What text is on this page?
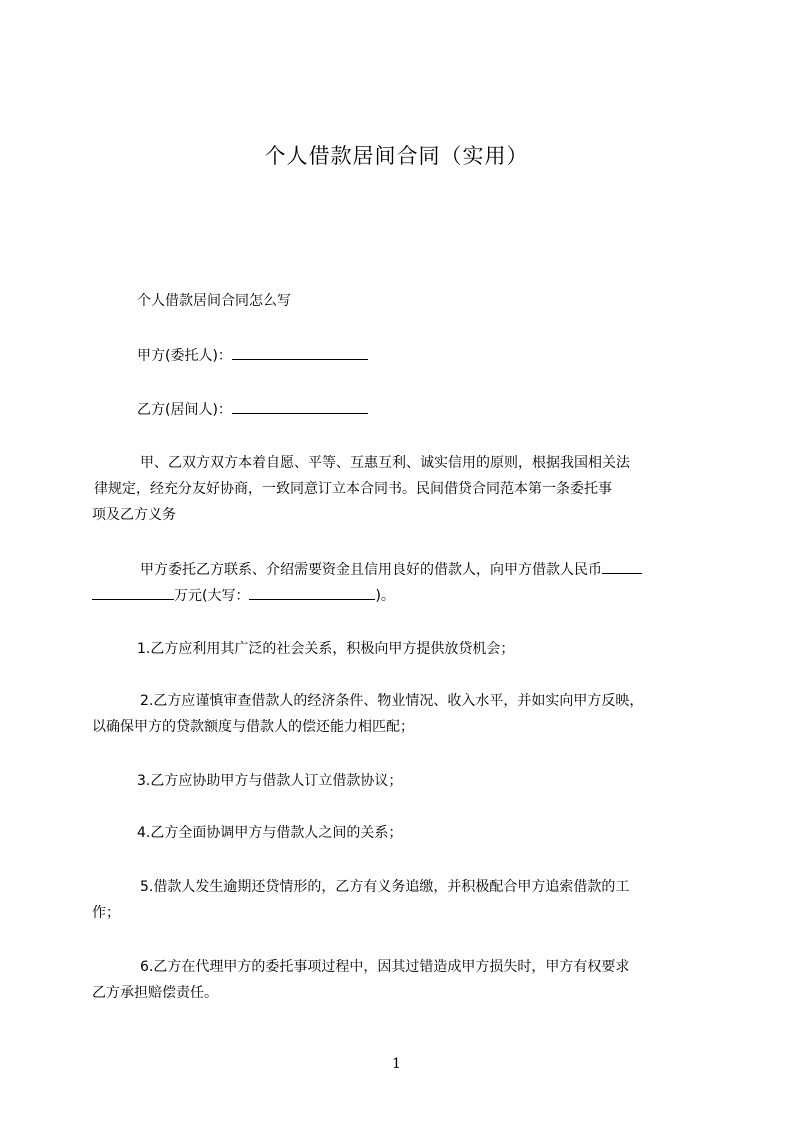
个人借款居间合同（实用）
个人借款居间合同怎么写
甲方(委托人)：
乙方(居间人)：
甲、乙双方双方本着自愿、平等、互惠互利、诚实信用的原则，根据我国相关法
律规定，经充分友好协商，一致同意订立本合同书。民间借贷合同范本第一条委托事
项及乙方义务
甲方委托乙方联系、介绍需要资金且信用良好的借款人，向甲方借款人民币
万元(大写：	)。
1.乙方应利用其广泛的社会关系，积极向甲方提供放贷机会；
2.乙方应谨慎审查借款人的经济条件、物业情况、收入水平，并如实向甲方反映，
以确保甲方的贷款额度与借款人的偿还能力相匹配；
3.乙方应协助甲方与借款人订立借款协议；
4.乙方全面协调甲方与借款人之间的关系；
5.借款人发生逾期还贷情形的，乙方有义务追缴，并积极配合甲方追索借款的工
作；
6.乙方在代理甲方的委托事项过程中，因其过错造成甲方损失时，甲方有权要求
乙方承担赔偿责任。
1
